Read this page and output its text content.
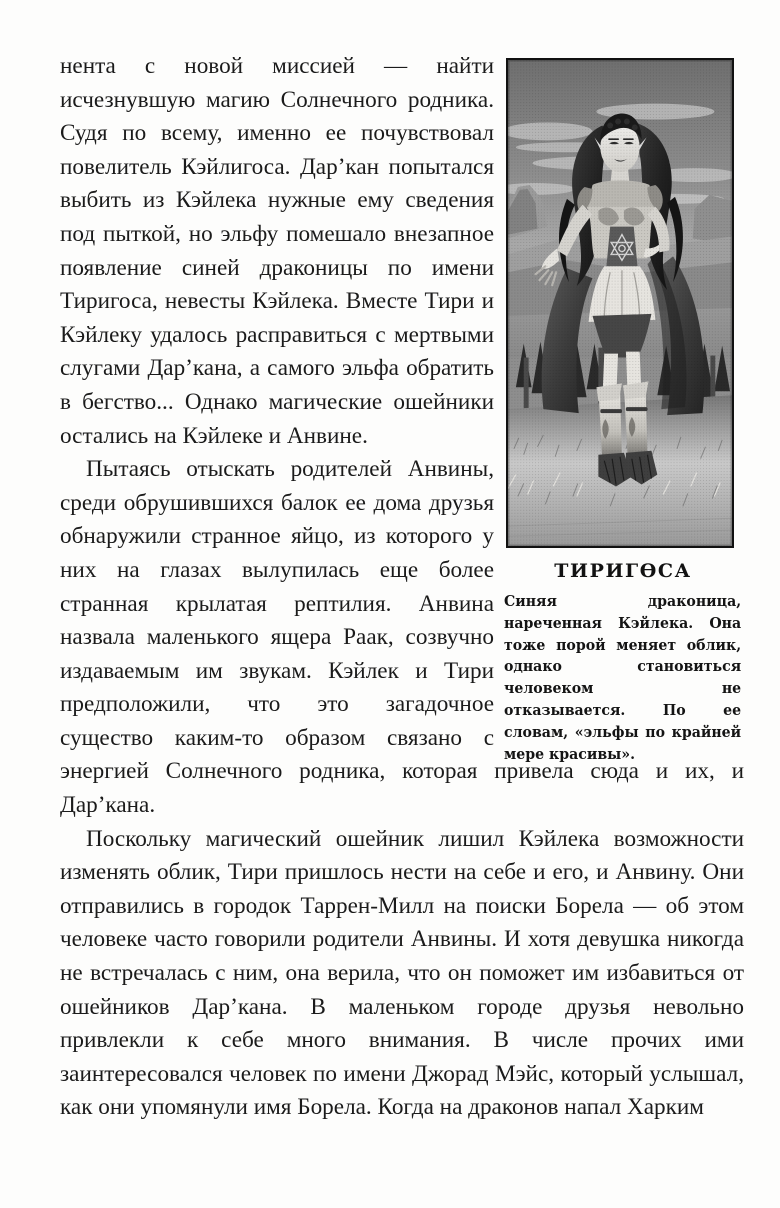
ТИРИГӨСА

Синяя драконица, нареченная Кэйлека. Она тоже порой меняет облик, однако становиться человеком не отказывается. По ее словам, «эльфы по крайней мере красивы».

нента с новой миссией — найти исчезнувшую магию Солнечного родника. Судя по всему, именно ее почувствовал повелитель Кэйлигоса. Дар’кан попытался выбить из Кэйлека нужные ему сведения под пыткой, но эльфу помешало внезапное появление синей драконицы по имени Тиригоса, невесты Кэйлека. Вместе Тири и Кэйлеку удалось расправиться с мертвыми слугами Дар’кана, а самого эльфа обратить в бегство... Однако магические ошейники остались на Кэйлеке и Анвине.

Пытаясь отыскать родителей Анвины, среди обрушившихся балок ее дома друзья обнаружили странное яйцо, из которого у них на глазах вылупилась еще более странная крылатая рептилия. Анвина назвала маленького ящера Раак, созвучно издаваемым им звукам. Кэйлек и Тири предположили, что это загадочное существо каким-то образом связано с энергией Солнечного родника, которая привела сюда и их, и Дар’кана.

Поскольку магический ошейник лишил Кэйлека возможности изменять облик, Тири пришлось нести на себе и его, и Анвину. Они отправились в городок Таррен-Милл на поиски Борела — об этом человеке часто говорили родители Анвины. И хотя девушка никогда не встречалась с ним, она верила, что он поможет им избавиться от ошейников Дар’кана. В маленьком городе друзья невольно привлекли к себе много внимания. В числе прочих ими заинтересовался человек по имени Джорад Мэйс, который услышал, как они упомянули имя Борела. Когда на драконов напал Харким
